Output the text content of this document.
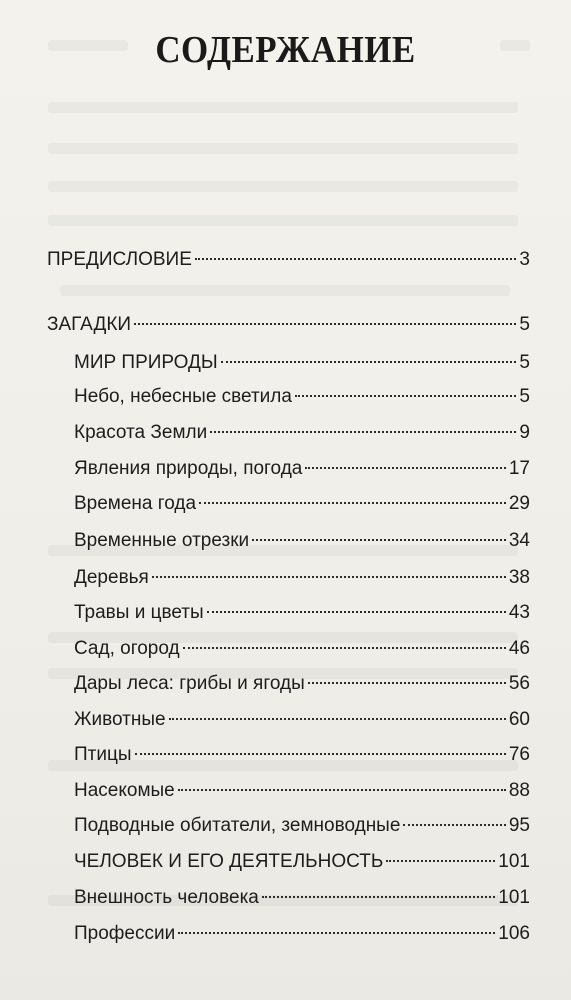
СОДЕРЖАНИЕ
ПРЕДИСЛОВИЕ	3
ЗАГАДКИ	5
МИР ПРИРОДЫ	5
Небо, небесные светила	5
Красота Земли	9
Явления природы, погода	17
Времена года	29
Временные отрезки	34
Деревья	38
Травы и цветы	43
Сад, огород	46
Дары леса: грибы и ягоды	56
Животные	60
Птицы	76
Насекомые	88
Подводные обитатели, земноводные	95
ЧЕЛОВЕК И ЕГО ДЕЯТЕЛЬНОСТЬ	101
Внешность человека	101
Профессии	106
